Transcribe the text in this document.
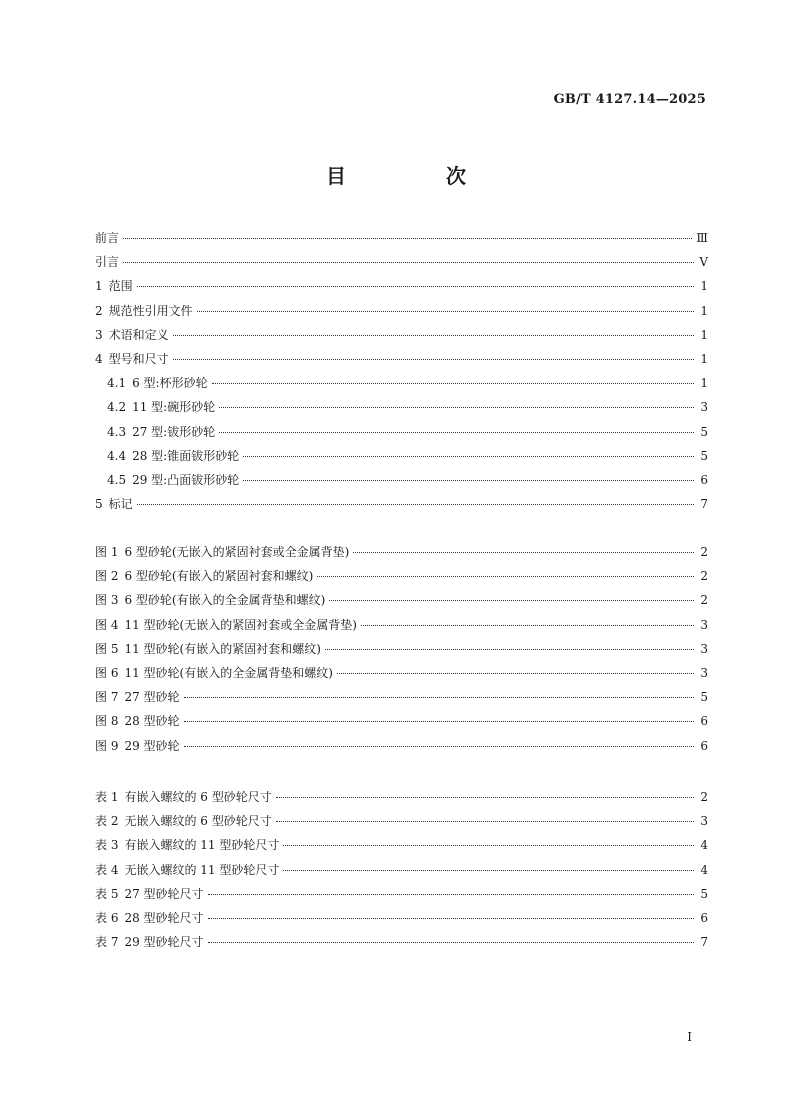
GB/T 4127.14—2025
目　次
前言	Ⅲ
引言	Ⅴ
1  范围	1
2  规范性引用文件	1
3  术语和定义	1
4  型号和尺寸	1
4.1  6 型:杯形砂轮	1
4.2  11 型:碗形砂轮	3
4.3  27 型:钹形砂轮	5
4.4  28 型:锥面钹形砂轮	5
4.5  29 型:凸面钹形砂轮	6
5  标记	7
图 1  6 型砂轮(无嵌入的紧固衬套或全金属背垫)	2
图 2  6 型砂轮(有嵌入的紧固衬套和螺纹)	2
图 3  6 型砂轮(有嵌入的全金属背垫和螺纹)	2
图 4  11 型砂轮(无嵌入的紧固衬套或全金属背垫)	3
图 5  11 型砂轮(有嵌入的紧固衬套和螺纹)	3
图 6  11 型砂轮(有嵌入的全金属背垫和螺纹)	3
图 7  27 型砂轮	5
图 8  28 型砂轮	6
图 9  29 型砂轮	6
表 1  有嵌入螺纹的 6 型砂轮尺寸	2
表 2  无嵌入螺纹的 6 型砂轮尺寸	3
表 3  有嵌入螺纹的 11 型砂轮尺寸	4
表 4  无嵌入螺纹的 11 型砂轮尺寸	4
表 5  27 型砂轮尺寸	5
表 6  28 型砂轮尺寸	6
表 7  29 型砂轮尺寸	7
I
